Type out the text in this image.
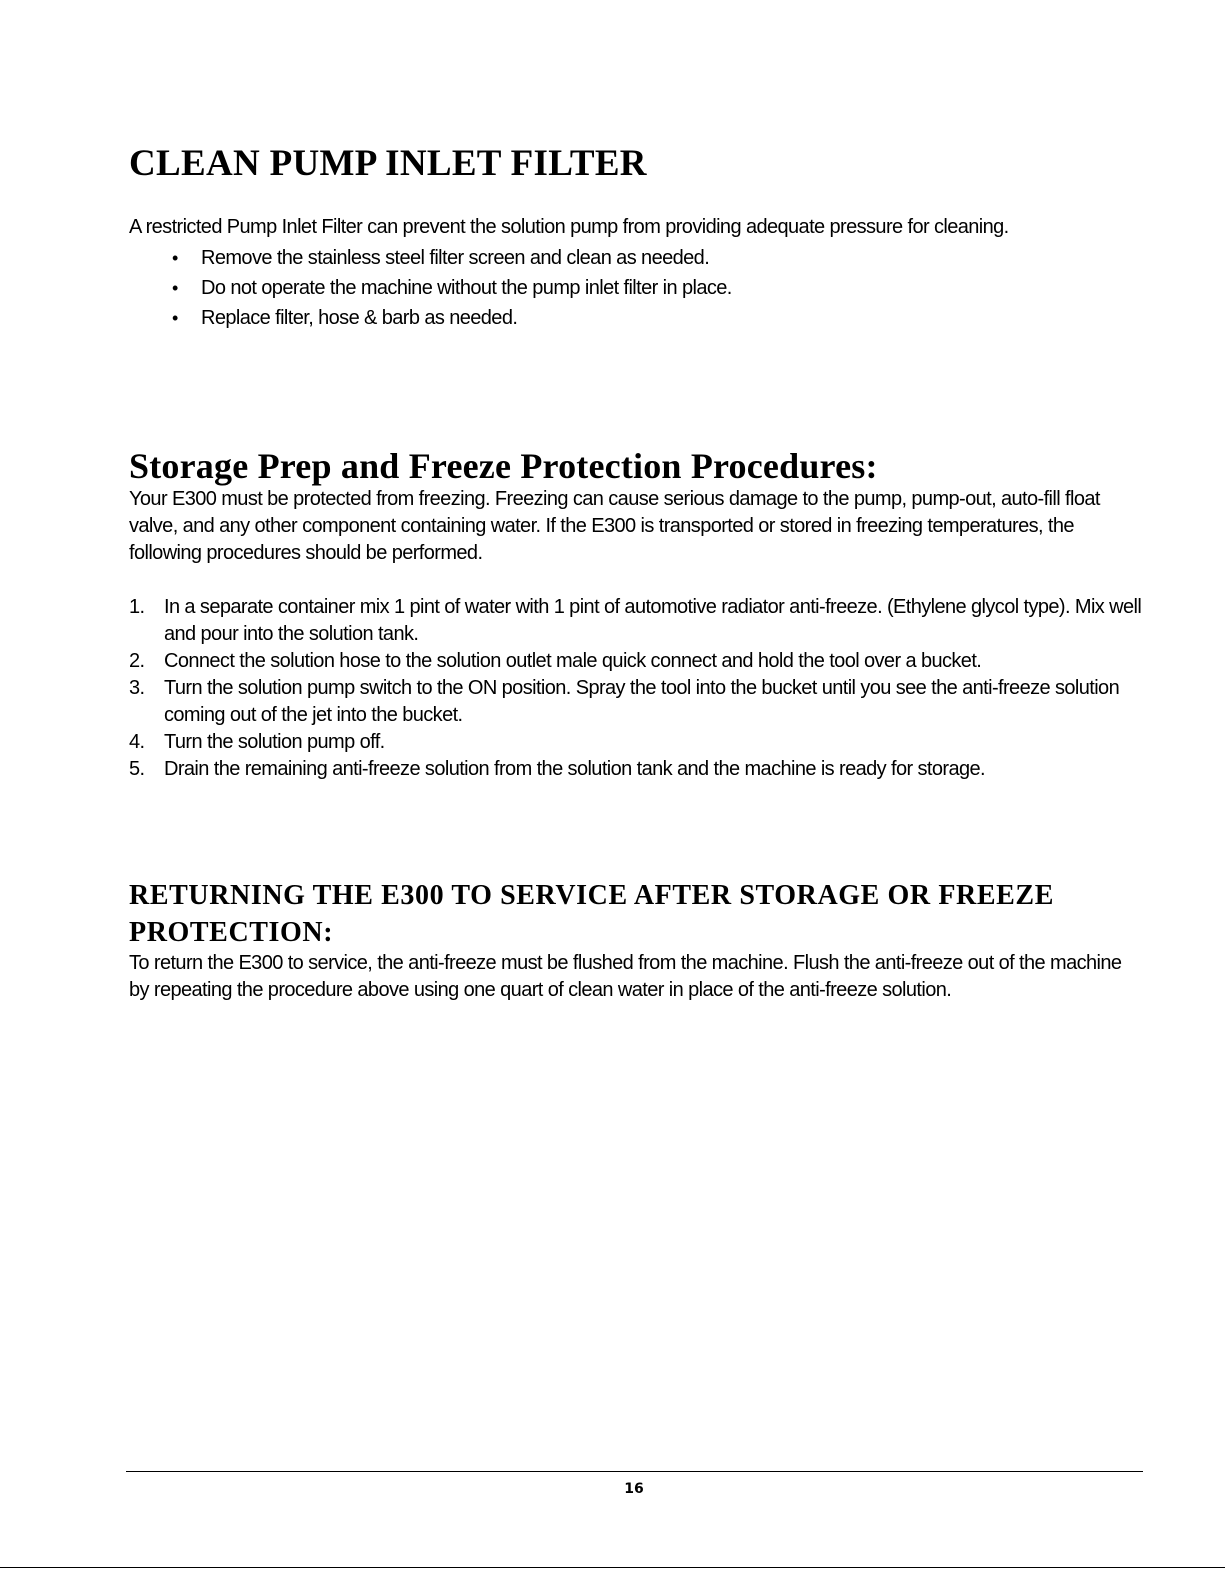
CLEAN PUMP INLET FILTER

A restricted Pump Inlet Filter can prevent the solution pump from providing adequate pressure for cleaning.

• Remove the stainless steel filter screen and clean as needed.
• Do not operate the machine without the pump inlet filter in place.
• Replace filter, hose & barb as needed.
Storage Prep and Freeze Protection Procedures:

Your E300 must be protected from freezing. Freezing can cause serious damage to the pump, pump-out, auto-fill float valve, and any other component containing water. If the E300 is transported or stored in freezing temperatures, the following procedures should be performed.

1. In a separate container mix 1 pint of water with 1 pint of automotive radiator anti-freeze. (Ethylene glycol type). Mix well and pour into the solution tank.
2. Connect the solution hose to the solution outlet male quick connect and hold the tool over a bucket.
3. Turn the solution pump switch to the ON position. Spray the tool into the bucket until you see the anti-freeze solution coming out of the jet into the bucket.
4. Turn the solution pump off.
5. Drain the remaining anti-freeze solution from the solution tank and the machine is ready for storage.
RETURNING THE E300 TO SERVICE AFTER STORAGE OR FREEZE PROTECTION:

To return the E300 to service, the anti-freeze must be flushed from the machine. Flush the anti-freeze out of the machine by repeating the procedure above using one quart of clean water in place of the anti-freeze solution.

16
